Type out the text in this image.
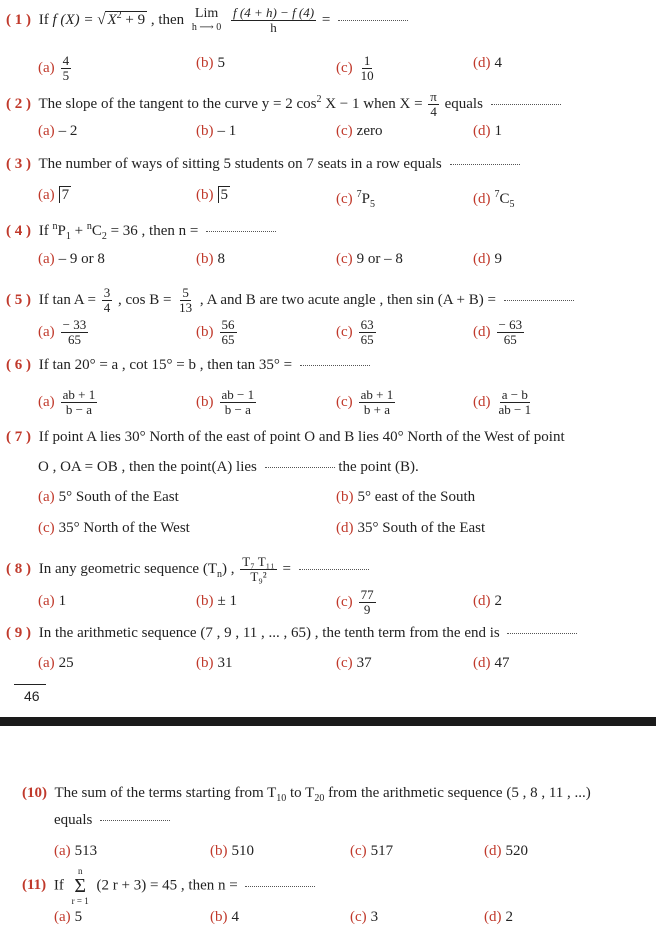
( 1 ) If f (X) = √ $X^2 + 9$ , then Lim
h ⟶ 0
$\frac{f (4 + h) - f (4)}{h}$ =
$(a) \frac{4}{5}$	(b) 5	$(c) \frac{1}{10}$	(d) 4
( 2 ) The slope of the tangent to the curve y = 2 $\cos^2 X - 1$ when $X = \frac{\pi}{4}$ equals
(a) – 2	(b) – 1	(c) zero	(d) 1
( 3 ) The number of ways of sitting 5 students on 7 seats in a row equals
(a) 7	(b) 5	(c) $^7P_5$	(d) $^7C_5$
( 4 ) If $^nP_1 + ^nC_2 = 36$ , then n =
(a) – 9 or 8	(b) 8	(c) 9 or – 8	(d) 9
( 5 ) If $\tan A = \frac{3}{4}$ , $\cos B = \frac{5}{13}$ , A and B are two acute angle , then sin (A + B) =
$(a) \frac{- 33}{65}$	$(b) \frac{56}{65}$	$(c) \frac{63}{65}$	$(d) \frac{- 63}{65}$
( 6 ) If tan 20° = a , cot 15° = b , then tan 35° =
$(a) \frac{ab + 1}{b - a}$	$(b) \frac{ab - 1}{b - a}$	$(c) \frac{ab + 1}{b + a}$	$(d) \frac{a - b}{ab - 1}$
( 7 ) If point A lies 30° North of the east of point O and B lies 40° North of the West of point
O , OA = OB , then the point(A) lies	the point (B).
(a) 5° South of the East	(b) 5° east of the South
(c) 35° North of the West	(d) 35° South of the East
( 8 ) In any geometric sequence $(T_n)$ , $\frac{\text{T₇ T₁₁}}{\text{T₉²}}$ =
(a) 1	(b) ± 1	$(c) \frac{77}{9}$	(d) 2
( 9 ) In the arithmetic sequence (7 , 9 , 11 , ... , 65) , the tenth term from the end is
(a) 25	(b) 31	(c) 37	(d) 47
46
(10) The sum of the terms starting from $T_{10}$ to $T_{20}$ from the arithmetic sequence (5 , 8 , 11 , ...)
equals
(a) 513	(b) 510	(c) 517	(d) 520
(11) If
n
Σ
r = 1
(2 r + 3) = 45 , then n =
(a) 5	(b) 4	(c) 3	(d) 2
